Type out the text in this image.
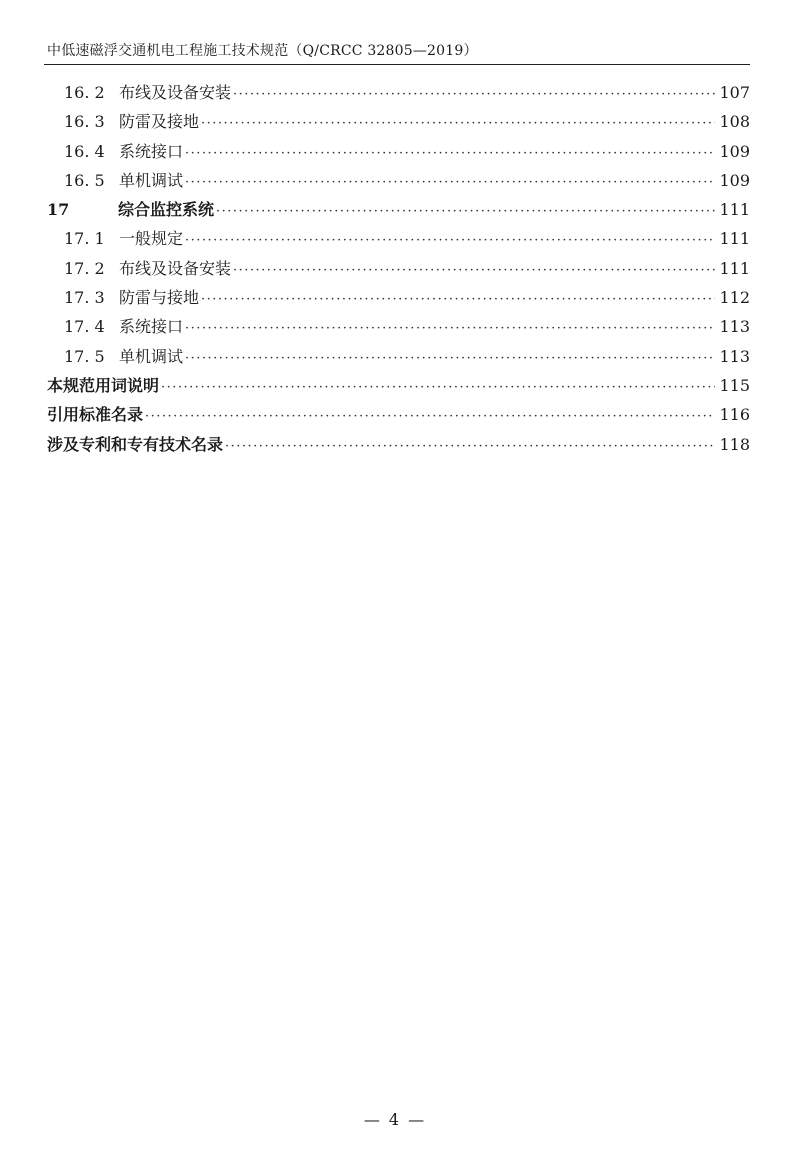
中低速磁浮交通机电工程施工技术规范（Q/CRCC 32805—2019）
16. 2 布线及设备安装 ·····	107
16. 3 防雷及接地 ·····	108
16. 4 系统接口 ·····	109
16. 5 单机调试 ·····	109
17	综合监控系统 ·····	111
17. 1 一般规定 ·····	111
17. 2 布线及设备安装 ·····	111
17. 3 防雷与接地 ·····	112
17. 4 系统接口 ·····	113
17. 5 单机调试 ·····	113
本规范用词说明 ·····	115
引用标准名录 ·····	116
涉及专利和专有技术名录 ·····	118
— 4 —
